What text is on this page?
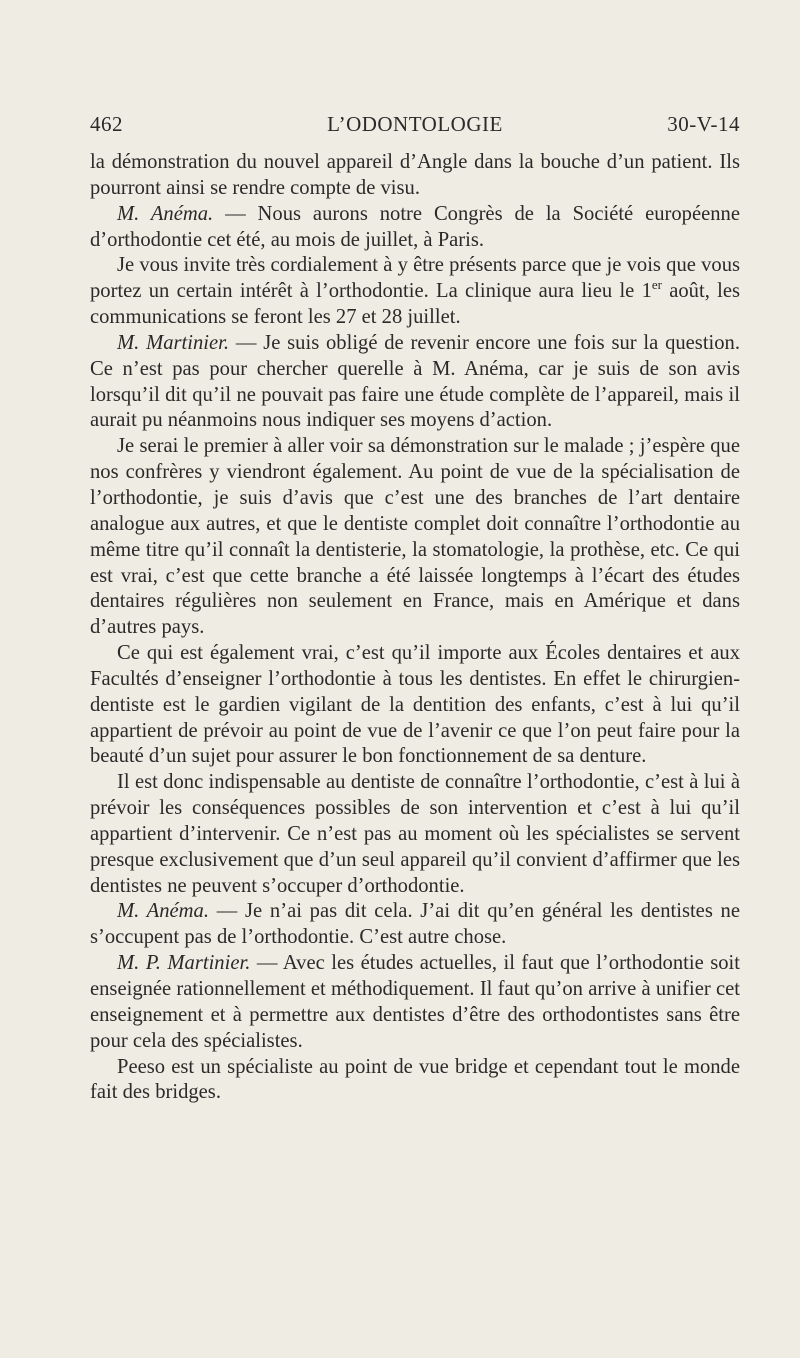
462	L’ODONTOLOGIE	30-V-14

la démonstration du nouvel appareil d’Angle dans la bouche d’un patient. Ils pourront ainsi se rendre compte de visu.

M. Anéma. — Nous aurons notre Congrès de la Société européenne d’orthodontie cet été, au mois de juillet, à Paris.

Je vous invite très cordialement à y être présents parce que je vois que vous portez un certain intérêt à l’orthodontie. La clinique aura lieu le 1er août, les communications se feront les 27 et 28 juillet.

M. Martinier. — Je suis obligé de revenir encore une fois sur la question. Ce n’est pas pour chercher querelle à M. Anéma, car je suis de son avis lorsqu’il dit qu’il ne pouvait pas faire une étude complète de l’appareil, mais il aurait pu néanmoins nous indiquer ses moyens d’action.

Je serai le premier à aller voir sa démonstration sur le malade ; j’espère que nos confrères y viendront également. Au point de vue de la spécialisation de l’orthodontie, je suis d’avis que c’est une des branches de l’art dentaire analogue aux autres, et que le dentiste complet doit connaître l’orthodontie au même titre qu’il connaît la dentisterie, la stomatologie, la prothèse, etc. Ce qui est vrai, c’est que cette branche a été laissée longtemps à l’écart des études dentaires régulières non seulement en France, mais en Amérique et dans d’autres pays.

Ce qui est également vrai, c’est qu’il importe aux Écoles dentaires et aux Facultés d’enseigner l’orthodontie à tous les dentistes. En effet le chirurgien-dentiste est le gardien vigilant de la dentition des enfants, c’est à lui qu’il appartient de prévoir au point de vue de l’avenir ce que l’on peut faire pour la beauté d’un sujet pour assurer le bon fonctionnement de sa denture.

Il est donc indispensable au dentiste de connaître l’orthodontie, c’est à lui à prévoir les conséquences possibles de son intervention et c’est à lui qu’il appartient d’intervenir. Ce n’est pas au moment où les spécialistes se servent presque exclusivement que d’un seul appareil qu’il convient d’affirmer que les dentistes ne peuvent s’occuper d’orthodontie.

M. Anéma. — Je n’ai pas dit cela. J’ai dit qu’en général les dentistes ne s’occupent pas de l’orthodontie. C’est autre chose.

M. P. Martinier. — Avec les études actuelles, il faut que l’orthodontie soit enseignée rationnellement et méthodiquement. Il faut qu’on arrive à unifier cet enseignement et à permettre aux dentistes d’être des orthodontistes sans être pour cela des spécialistes.

Peeso est un spécialiste au point de vue bridge et cependant tout le monde fait des bridges.
